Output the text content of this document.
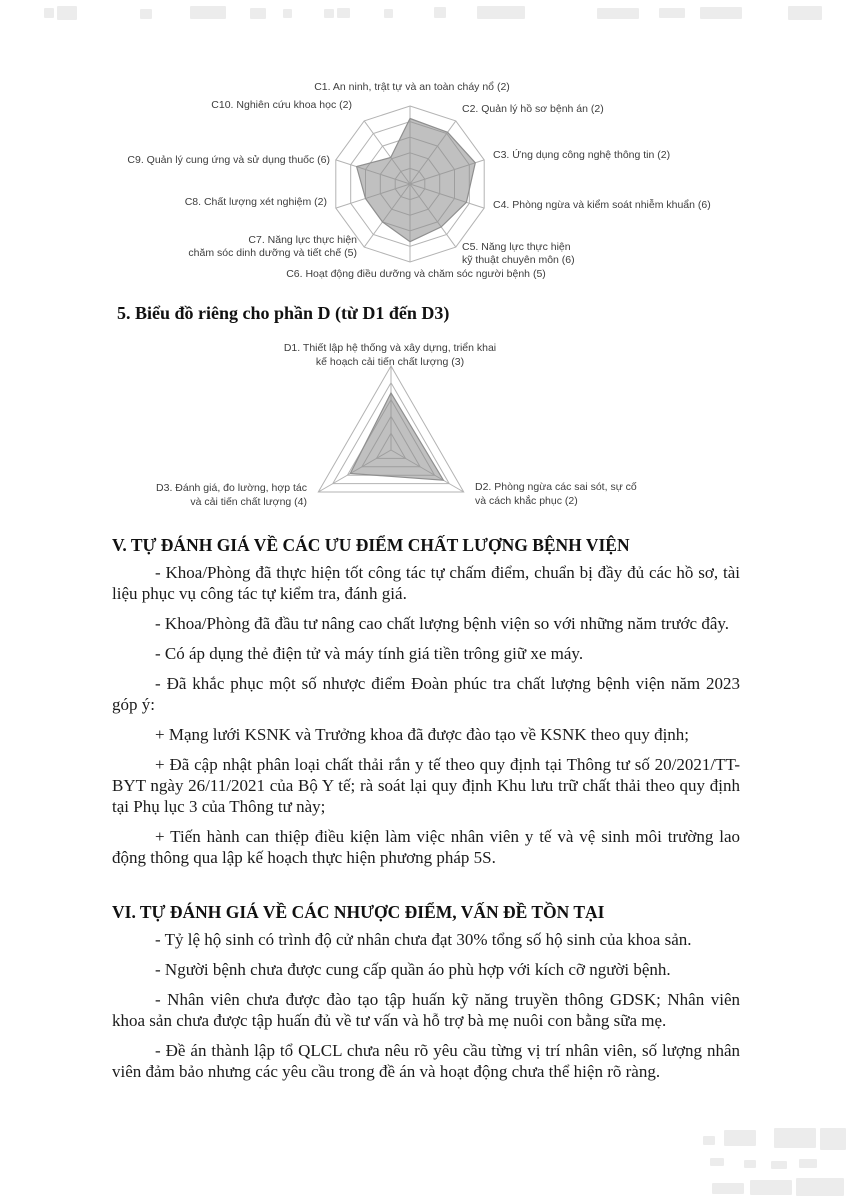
C1. An ninh, trật tự và an toàn cháy nổ (2)
C2. Quản lý hồ sơ bệnh án (2)
C3. Ứng dụng công nghệ thông tin (2)
C4. Phòng ngừa và kiểm soát nhiễm khuẩn (6)
C5. Năng lực thực hiện kỹ thuật chuyên môn (6)
C6. Hoạt động điều dưỡng và chăm sóc người bệnh (5)
C7. Năng lực thực hiện chăm sóc dinh dưỡng và tiết chế (5)
C8. Chất lượng xét nghiệm (2)
C9. Quản lý cung ứng và sử dụng thuốc (6)
C10. Nghiên cứu khoa học (2)
5. Biểu đồ riêng cho phần D (từ D1 đến D3)
D1. Thiết lập hệ thống và xây dựng, triển khai kế hoạch cải tiến chất lượng (3)
D2. Phòng ngừa các sai sót, sự cố và cách khắc phục (2)
D3. Đánh giá, đo lường, hợp tác và cải tiến chất lượng (4)
V. TỰ ĐÁNH GIÁ VỀ CÁC ƯU ĐIỂM CHẤT LƯỢNG BỆNH VIỆN

- Khoa/Phòng đã thực hiện tốt công tác tự chấm điểm, chuẩn bị đầy đủ các hồ sơ, tài liệu phục vụ công tác tự kiểm tra, đánh giá.

- Khoa/Phòng đã đầu tư nâng cao chất lượng bệnh viện so với những năm trước đây.

- Có áp dụng thẻ điện tử và máy tính giá tiền trông giữ xe máy.

- Đã khắc phục một số nhược điểm Đoàn phúc tra chất lượng bệnh viện năm 2023 góp ý:

+ Mạng lưới KSNK và Trưởng khoa đã được đào tạo về KSNK theo quy định;

+ Đã cập nhật phân loại chất thải rắn y tế theo quy định tại Thông tư số 20/2021/TT-BYT ngày 26/11/2021 của Bộ Y tế; rà soát lại quy định Khu lưu trữ chất thải theo quy định tại Phụ lục 3 của Thông tư này;

+ Tiến hành can thiệp điều kiện làm việc nhân viên y tế và vệ sinh môi trường lao động thông qua lập kế hoạch thực hiện phương pháp 5S.

VI. TỰ ĐÁNH GIÁ VỀ CÁC NHƯỢC ĐIỂM, VẤN ĐỀ TỒN TẠI

- Tỷ lệ hộ sinh có trình độ cử nhân chưa đạt 30% tổng số hộ sinh của khoa sản.

- Người bệnh chưa được cung cấp quần áo phù hợp với kích cỡ người bệnh.

- Nhân viên chưa được đào tạo tập huấn kỹ năng truyền thông GDSK; Nhân viên khoa sản chưa được tập huấn đủ về tư vấn và hỗ trợ bà mẹ nuôi con bằng sữa mẹ.

- Đề án thành lập tổ QLCL chưa nêu rõ yêu cầu từng vị trí nhân viên, số lượng nhân viên đảm bảo nhưng các yêu cầu trong đề án và hoạt động chưa thể hiện rõ ràng.
